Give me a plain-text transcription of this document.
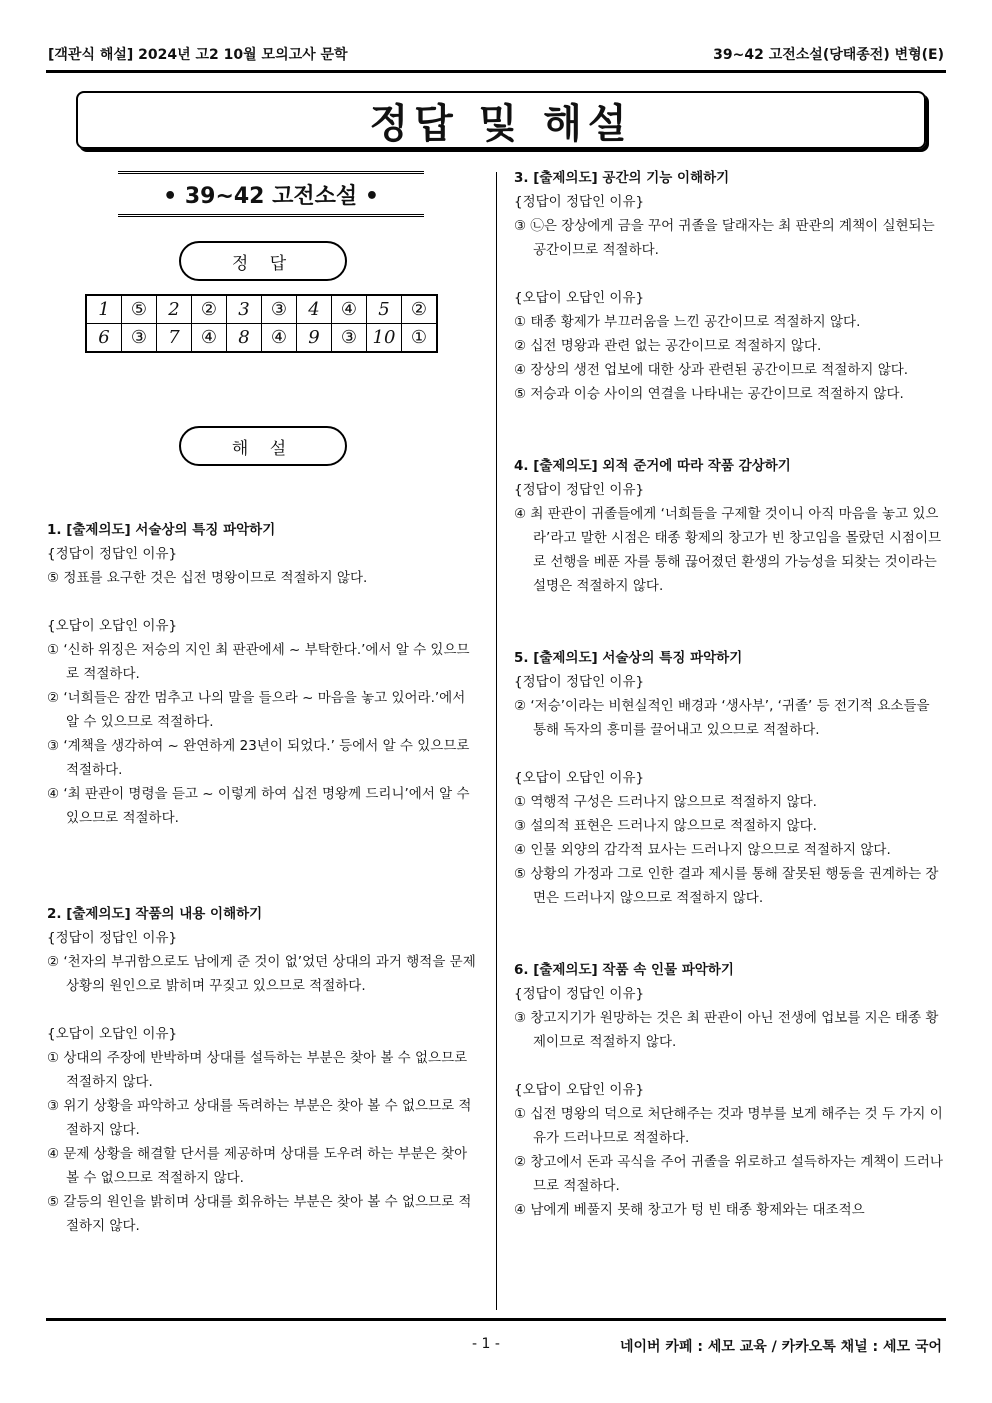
[객관식 해설] 2024년 고2 10월 모의고사 문학	39~42 고전소설(당태종전) 변형(E)
정답 및 해설
• 39~42 고전소설 •
정 답
1	⑤	2	②	3	③	4	④	5	②
6	③	7	④	8	④	9	③	10	①
해 설

1. [출제의도] 서술상의 특징 파악하기

{정답이 정답인 이유}

⑤ 정표를 요구한 것은 십전 명왕이므로 적절하지 않다.

{오답이 오답인 이유}

① ‘신하 위징은 저승의 지인 최 판관에세 ~ 부탁한다.’에서 알 수 있으므로 적절하다.

② ‘너희들은 잠깐 멈추고 나의 말을 들으라 ~ 마음을 놓고 있어라.’에서 알 수 있으므로 적절하다.

③ ‘계책을 생각하여 ~ 완연하게 23년이 되었다.’ 등에서 알 수 있으므로 적절하다.

④ ‘최 판관이 명령을 듣고 ~ 이렇게 하여 십전 명왕께 드리니’에서 알 수 있으므로 적절하다.

2. [출제의도] 작품의 내용 이해하기

{정답이 정답인 이유}

② ‘천자의 부귀함으로도 남에게 준 것이 없’었던 상대의 과거 행적을 문제 상황의 원인으로 밝히며 꾸짖고 있으므로 적절하다.

{오답이 오답인 이유}

① 상대의 주장에 반박하며 상대를 설득하는 부분은 찾아 볼 수 없으므로 적절하지 않다.

③ 위기 상황을 파악하고 상대를 독려하는 부분은 찾아 볼 수 없으므로 적절하지 않다.

④ 문제 상황을 해결할 단서를 제공하며 상대를 도우려 하는 부분은 찾아 볼 수 없으므로 적절하지 않다.

⑤ 갈등의 원인을 밝히며 상대를 회유하는 부분은 찾아 볼 수 없으므로 적절하지 않다.

3. [출제의도] 공간의 기능 이해하기

{정답이 정답인 이유}

③ ㉡은 장상에게 금을 꾸어 귀졸을 달래자는 최 판관의 계책이 실현되는 공간이므로 적절하다.

{오답이 오답인 이유}

① 태종 황제가 부끄러움을 느낀 공간이므로 적절하지 않다.

② 십전 명왕과 관련 없는 공간이므로 적절하지 않다.

④ 장상의 생전 업보에 대한 상과 관련된 공간이므로 적절하지 않다.

⑤ 저승과 이승 사이의 연결을 나타내는 공간이므로 적절하지 않다.

4. [출제의도] 외적 준거에 따라 작품 감상하기

{정답이 정답인 이유}

④ 최 판관이 귀졸들에게 ‘너희들을 구제할 것이니 아직 마음을 놓고 있으라’라고 말한 시점은 태종 황제의 창고가 빈 창고임을 몰랐던 시점이므로 선행을 베푼 자를 통해 끊어졌던 환생의 가능성을 되찾는 것이라는 설명은 적절하지 않다.

5. [출제의도] 서술상의 특징 파악하기

{정답이 정답인 이유}

② ‘저승’이라는 비현실적인 배경과 ‘생사부’, ‘귀졸’ 등 전기적 요소들을 통해 독자의 흥미를 끌어내고 있으므로 적절하다.

{오답이 오답인 이유}

① 역행적 구성은 드러나지 않으므로 적절하지 않다.

③ 설의적 표현은 드러나지 않으므로 적절하지 않다.

④ 인물 외양의 감각적 묘사는 드러나지 않으므로 적절하지 않다.

⑤ 상황의 가정과 그로 인한 결과 제시를 통해 잘못된 행동을 권계하는 장면은 드러나지 않으므로 적절하지 않다.

6. [출제의도] 작품 속 인물 파악하기

{정답이 정답인 이유}

③ 창고지기가 원망하는 것은 최 판관이 아닌 전생에 업보를 지은 태종 황제이므로 적절하지 않다.

{오답이 오답인 이유}

① 십전 명왕의 덕으로 처단해주는 것과 명부를 보게 해주는 것 두 가지 이유가 드러나므로 적절하다.

② 창고에서 돈과 곡식을 주어 귀졸을 위로하고 설득하자는 계책이 드러나므로 적절하다.

④ 남에게 베풀지 못해 창고가 텅 빈 태종 황제와는 대조적으

- 1 -	네이버 카페 : 세모 교육 / 카카오톡 채널 : 세모 국어
